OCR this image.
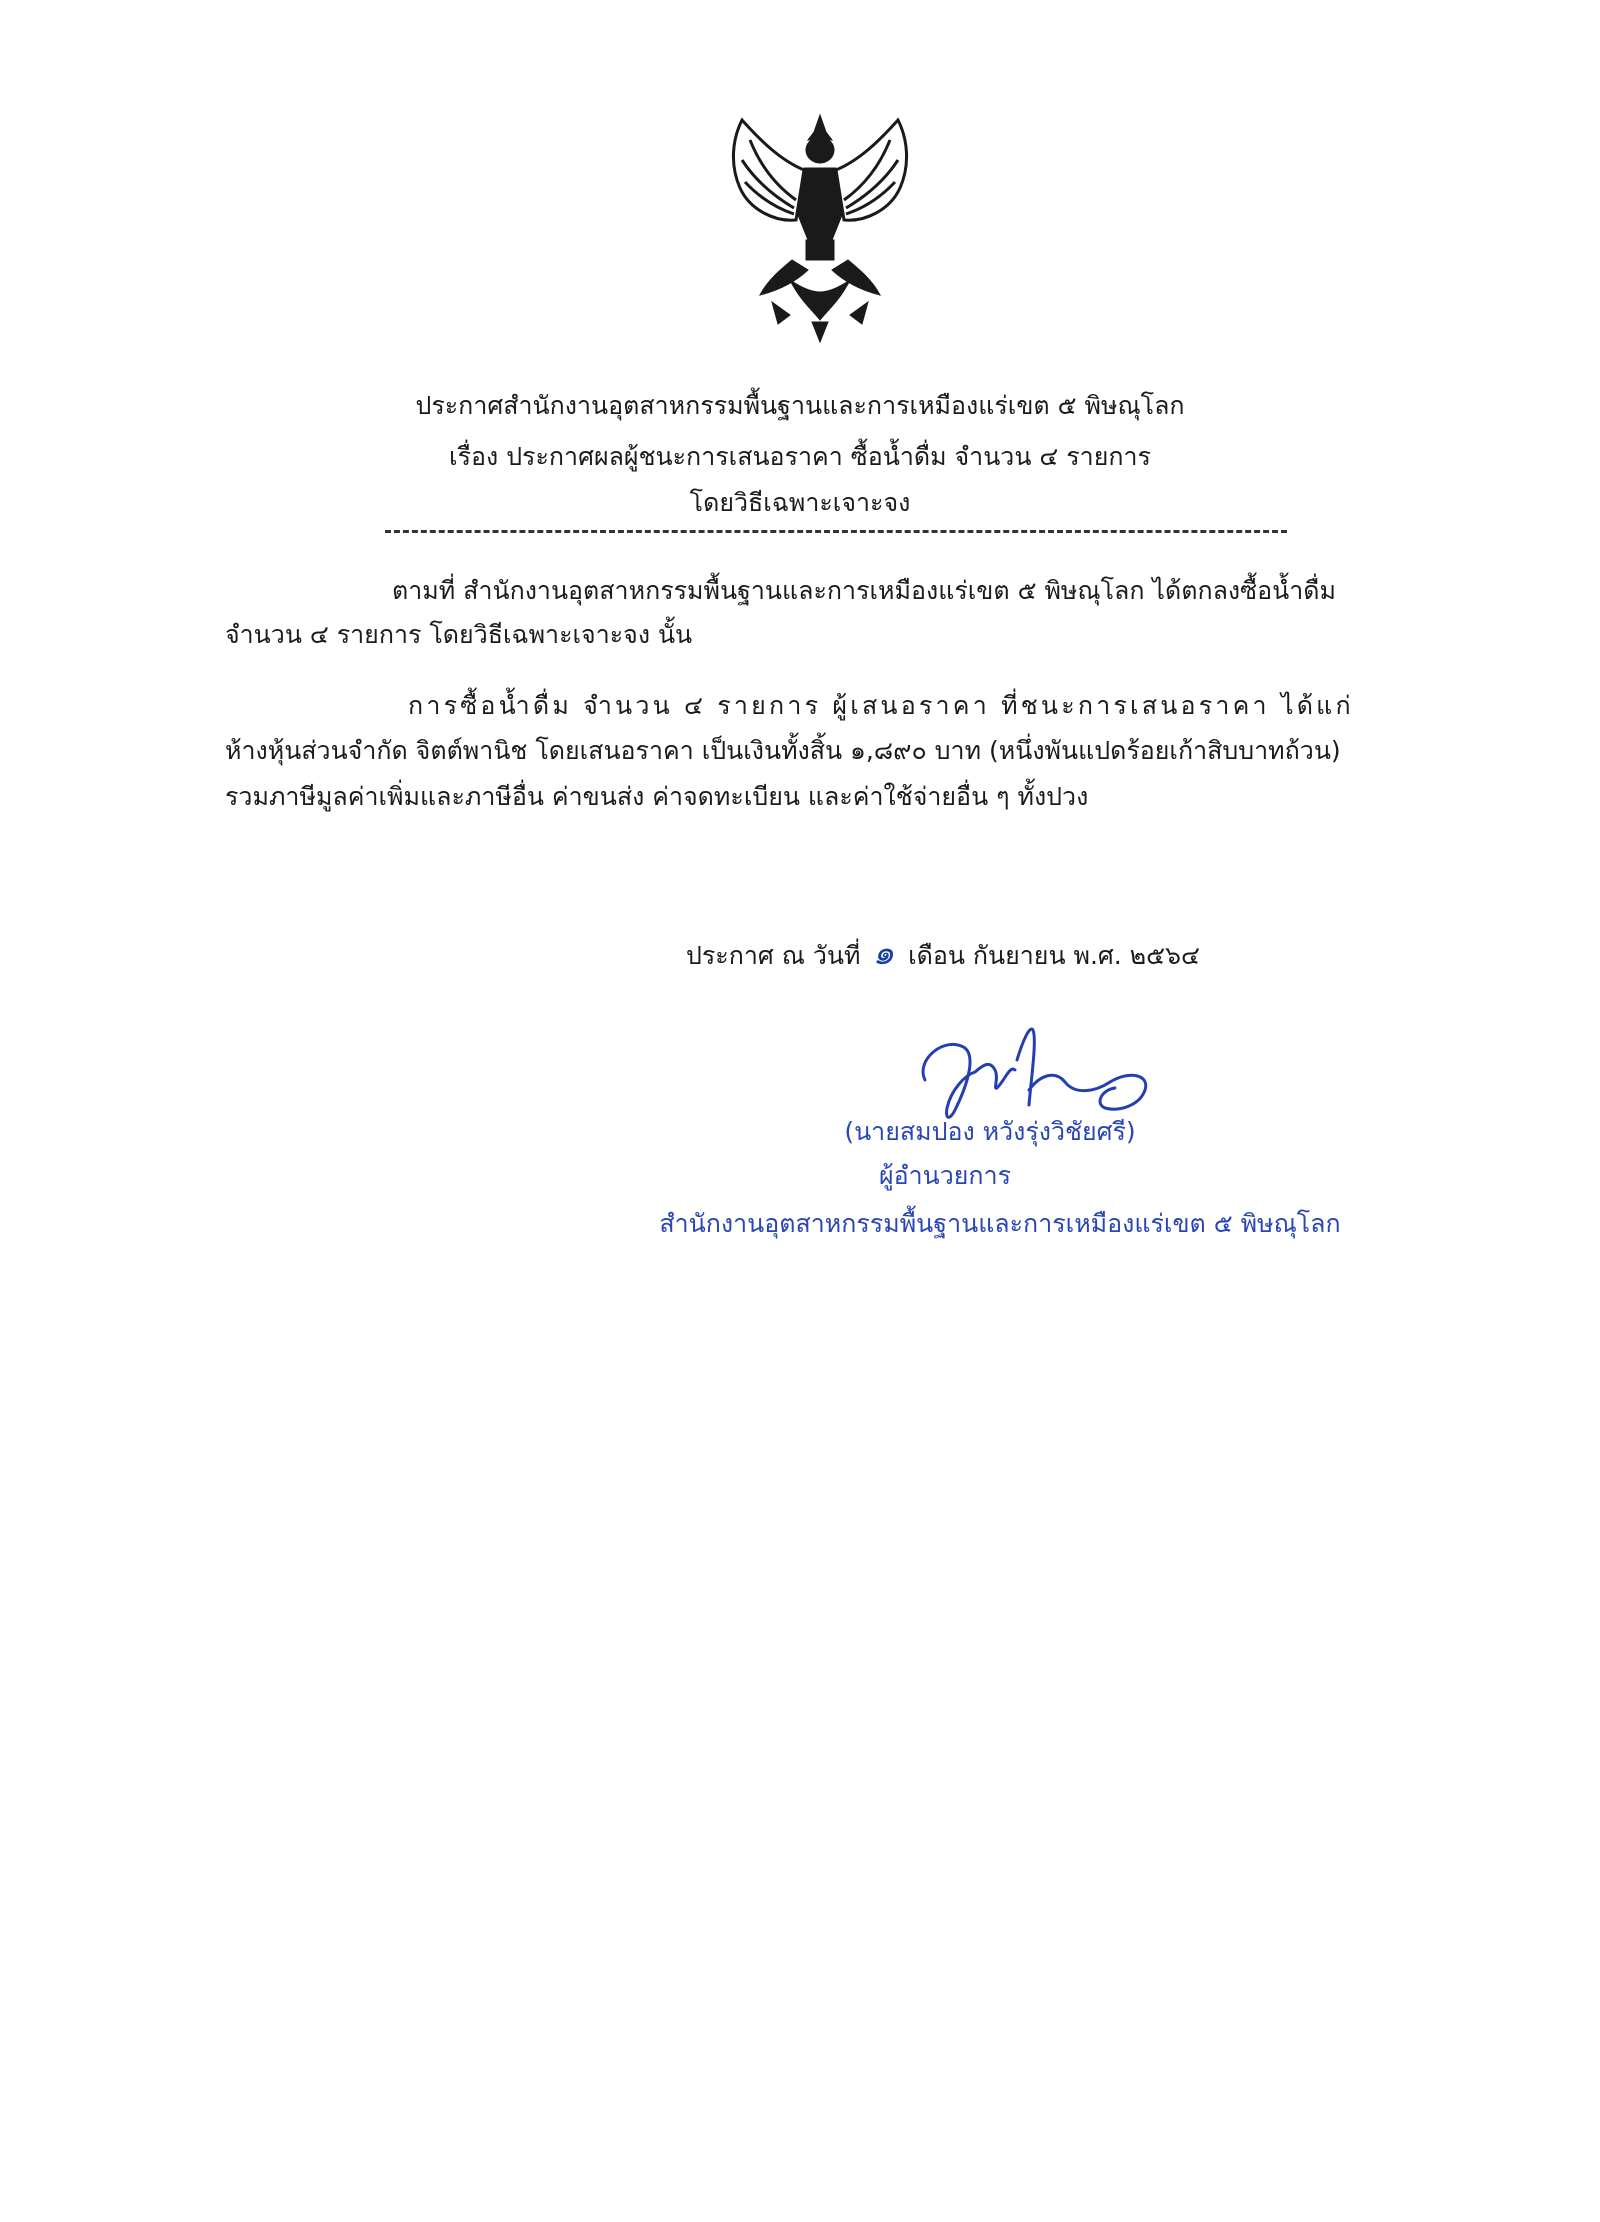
ประกาศสำนักงานอุตสาหกรรมพื้นฐานและการเหมืองแร่เขต ๕ พิษณุโลก
เรื่อง ประกาศผลผู้ชนะการเสนอราคา ซื้อน้ำดื่ม จำนวน ๔ รายการ
โดยวิธีเฉพาะเจาะจง
ตามที่ สำนักงานอุตสาหกรรมพื้นฐานและการเหมืองแร่เขต ๕ พิษณุโลก ได้ตกลงซื้อน้ำดื่ม
จำนวน ๔ รายการ โดยวิธีเฉพาะเจาะจง นั้น
การซื้อน้ำดื่ม จำนวน ๔ รายการ ผู้เสนอราคา ที่ชนะการเสนอราคา ได้แก่
ห้างหุ้นส่วนจำกัด จิตต์พานิช โดยเสนอราคา เป็นเงินทั้งสิ้น ๑,๘๙๐ บาท (หนึ่งพันแปดร้อยเก้าสิบบาทถ้วน)
รวมภาษีมูลค่าเพิ่มและภาษีอื่น ค่าขนส่ง ค่าจดทะเบียน และค่าใช้จ่ายอื่น ๆ ทั้งปวง
ประกาศ ณ วันที่ ๑ เดือน กันยายน พ.ศ. ๒๕๖๔
(นายสมปอง หวังรุ่งวิชัยศรี)
ผู้อำนวยการ
สำนักงานอุตสาหกรรมพื้นฐานและการเหมืองแร่เขต ๕ พิษณุโลก
